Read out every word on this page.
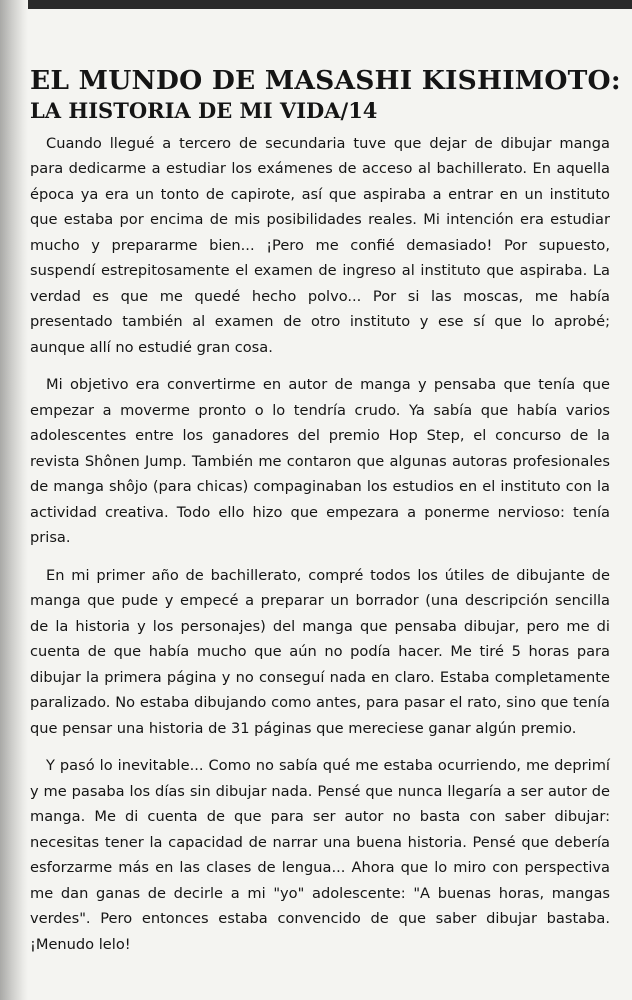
EL MUNDO DE MASASHI KISHIMOTO:
LA HISTORIA DE MI VIDA/14

Cuando llegué a tercero de secundaria tuve que dejar de dibujar manga para dedicarme a estudiar los exámenes de acceso al bachillerato. En aquella época ya era un tonto de capirote, así que aspiraba a entrar en un instituto que estaba por encima de mis posibilidades reales. Mi intención era estudiar mucho y prepararme bien... ¡Pero me confié demasiado! Por supuesto, suspendí estrepitosamente el examen de ingreso al instituto que aspiraba. La verdad es que me quedé hecho polvo... Por si las moscas, me había presentado también al examen de otro instituto y ese sí que lo aprobé; aunque allí no estudié gran cosa.

Mi objetivo era convertirme en autor de manga y pensaba que tenía que empezar a moverme pronto o lo tendría crudo. Ya sabía que había varios adolescentes entre los ganadores del premio Hop Step, el concurso de la revista Shônen Jump. También me contaron que algunas autoras profesionales de manga shôjo (para chicas) compaginaban los estudios en el instituto con la actividad creativa. Todo ello hizo que empezara a ponerme nervioso: tenía prisa.

En mi primer año de bachillerato, compré todos los útiles de dibujante de manga que pude y empecé a preparar un borrador (una descripción sencilla de la historia y los personajes) del manga que pensaba dibujar, pero me di cuenta de que había mucho que aún no podía hacer. Me tiré 5 horas para dibujar la primera página y no conseguí nada en claro. Estaba completamente paralizado. No estaba dibujando como antes, para pasar el rato, sino que tenía que pensar una historia de 31 páginas que mereciese ganar algún premio.

Y pasó lo inevitable... Como no sabía qué me estaba ocurriendo, me deprimí y me pasaba los días sin dibujar nada. Pensé que nunca llegaría a ser autor de manga. Me di cuenta de que para ser autor no basta con saber dibujar: necesitas tener la capacidad de narrar una buena historia. Pensé que debería esforzarme más en las clases de lengua... Ahora que lo miro con perspectiva me dan ganas de decirle a mi "yo" adolescente: "A buenas horas, mangas verdes". Pero entonces estaba convencido de que saber dibujar bastaba. ¡Menudo lelo!
